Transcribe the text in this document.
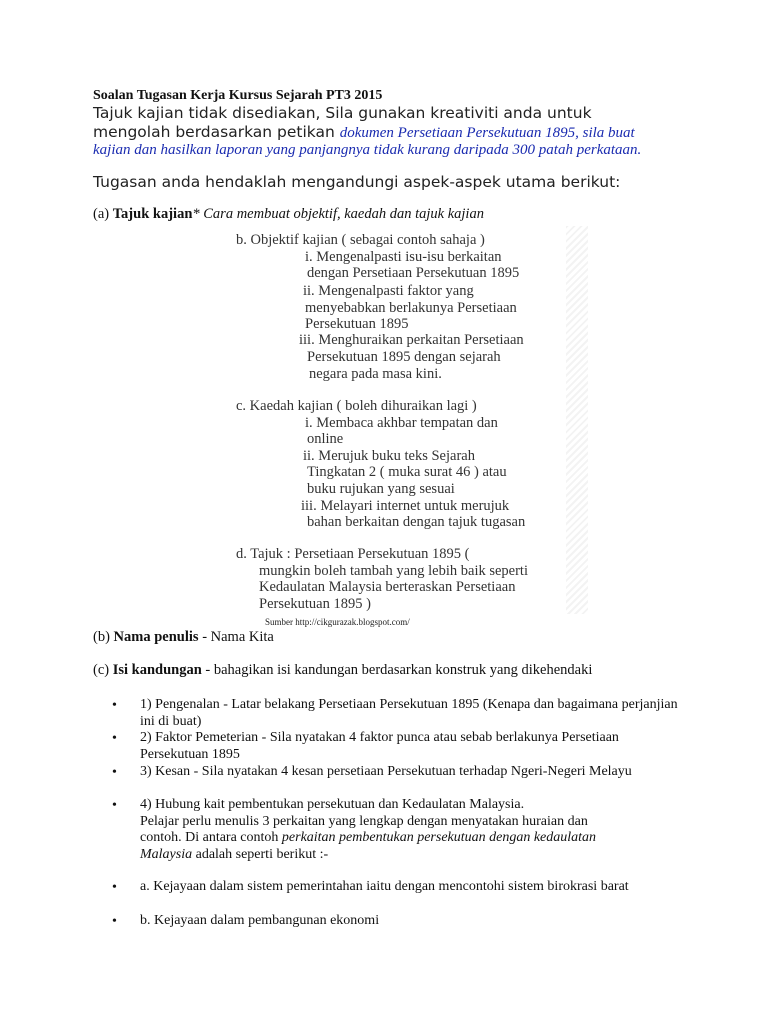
Soalan Tugasan Kerja Kursus Sejarah PT3 2015
Tajuk kajian tidak disediakan, Sila gunakan kreativiti anda untuk
mengolah berdasarkan petikan dokumen Persetiaan Persekutuan 1895, sila buat
kajian dan hasilkan laporan yang panjangnya tidak kurang daripada 300 patah perkataan.
Tugasan anda hendaklah mengandungi aspek-aspek utama berikut:
(a) Tajuk kajian* Cara membuat objektif, kaedah dan tajuk kajian
b. Objektif kajian ( sebagai contoh sahaja )
i. Mengenalpasti isu-isu berkaitan
dengan Persetiaan Persekutuan 1895
ii. Mengenalpasti faktor yang
menyebabkan berlakunya Persetiaan
Persekutuan 1895
iii. Menghuraikan perkaitan Persetiaan
Persekutuan 1895 dengan sejarah
negara pada masa kini.
c. Kaedah kajian ( boleh dihuraikan lagi )
i. Membaca akhbar tempatan dan
online
ii. Merujuk buku teks Sejarah
Tingkatan 2 ( muka surat 46 ) atau
buku rujukan yang sesuai
iii. Melayari internet untuk merujuk
bahan berkaitan dengan tajuk tugasan
d. Tajuk : Persetiaan Persekutuan 1895 (
mungkin boleh tambah yang lebih baik seperti
Kedaulatan Malaysia berteraskan Persetiaan
Persekutuan 1895 )
Sumber http://cikgurazak.blogspot.com/
(b) Nama penulis - Nama Kita
(c) Isi kandungan - bahagikan isi kandungan berdasarkan konstruk yang dikehendaki
• 1) Pengenalan - Latar belakang Persetiaan Persekutuan 1895 (Kenapa dan bagaimana perjanjian ini di buat)
• 2) Faktor Pemeterian - Sila nyatakan 4 faktor punca atau sebab berlakunya Persetiaan Persekutuan 1895
• 3) Kesan - Sila nyatakan 4 kesan persetiaan Persekutuan terhadap Ngeri-Negeri Melayu
• 4) Hubung kait pembentukan persekutuan dan Kedaulatan Malaysia.
Pelajar perlu menulis 3 perkaitan yang lengkap dengan menyatakan huraian dan
contoh. Di antara contoh perkaitan pembentukan persekutuan dengan kedaulatan
Malaysia adalah seperti berikut :-
• a. Kejayaan dalam sistem pemerintahan iaitu dengan mencontohi sistem birokrasi barat
• b. Kejayaan dalam pembangunan ekonomi
